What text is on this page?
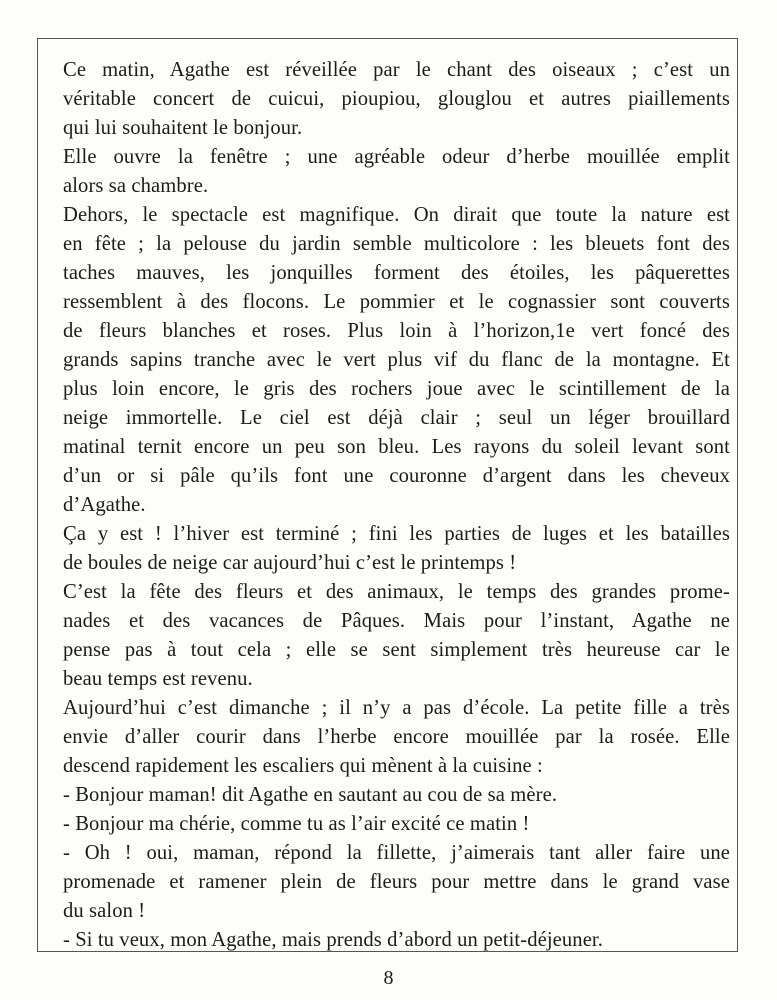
Ce matin, Agathe est réveillée par le chant des oiseaux ; c’est un
véritable concert de cuicui, pioupiou, glouglou et autres piaillements
qui lui souhaitent le bonjour.
Elle ouvre la fenêtre ; une agréable odeur d’herbe mouillée emplit
alors sa chambre.
Dehors, le spectacle est magnifique. On dirait que toute la nature est
en fête ; la pelouse du jardin semble multicolore : les bleuets font des
taches mauves, les jonquilles forment des étoiles, les pâquerettes
ressemblent à des flocons. Le pommier et le cognassier sont couverts
de fleurs blanches et roses. Plus loin à l’horizon,1e vert foncé des
grands sapins tranche avec le vert plus vif du flanc de la montagne. Et
plus loin encore, le gris des rochers joue avec le scintillement de la
neige immortelle. Le ciel est déjà clair ; seul un léger brouillard
matinal ternit encore un peu son bleu. Les rayons du soleil levant sont
d’un or si pâle qu’ils font une couronne d’argent dans les cheveux
d’Agathe.
Ça y est ! l’hiver est terminé ; fini les parties de luges et les batailles
de boules de neige car aujourd’hui c’est le printemps !
C’est la fête des fleurs et des animaux, le temps des grandes prome-
nades et des vacances de Pâques. Mais pour l’instant, Agathe ne
pense pas à tout cela ; elle se sent simplement très heureuse car le
beau temps est revenu.
Aujourd’hui c’est dimanche ; il n’y a pas d’école. La petite fille a très
envie d’aller courir dans l’herbe encore mouillée par la rosée. Elle
descend rapidement les escaliers qui mènent à la cuisine :
- Bonjour maman! dit Agathe en sautant au cou de sa mère.
- Bonjour ma chérie, comme tu as l’air excité ce matin !
- Oh ! oui, maman, répond la fillette, j’aimerais tant aller faire une
promenade et ramener plein de fleurs pour mettre dans le grand vase
du salon !
- Si tu veux, mon Agathe, mais prends d’abord un petit-déjeuner.
8
